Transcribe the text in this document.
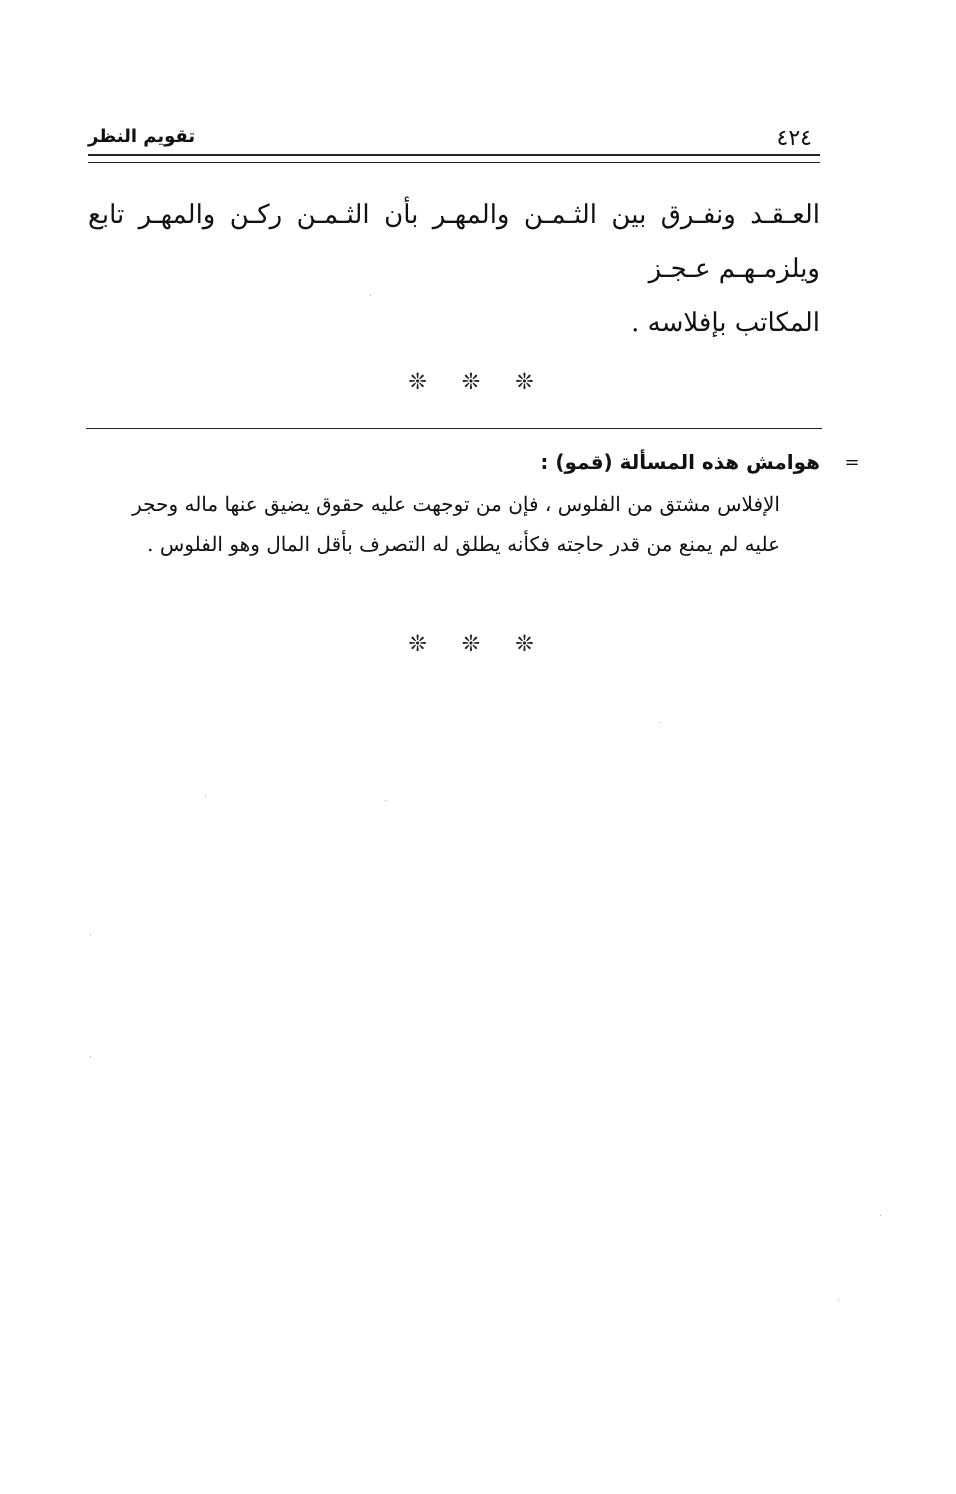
٤٢٤
تقويم النظر
العـقـد ونفـرق بين الثـمـن والمهـر بأن الثـمـن ركـن والمهـر تابع ويلزمـهـم عـجـز
المكاتب بإفلاسه .
❊ ❊ ❊
=
هوامش هذه المسألة (قمو) :
الإفلاس مشتق من الفلوس ، فإن من توجهت عليه حقوق يضيق عنها ماله وحجر
عليه لم يمنع من قدر حاجته فكأنه يطلق له التصرف بأقل المال وهو الفلوس .
❊ ❊ ❊
